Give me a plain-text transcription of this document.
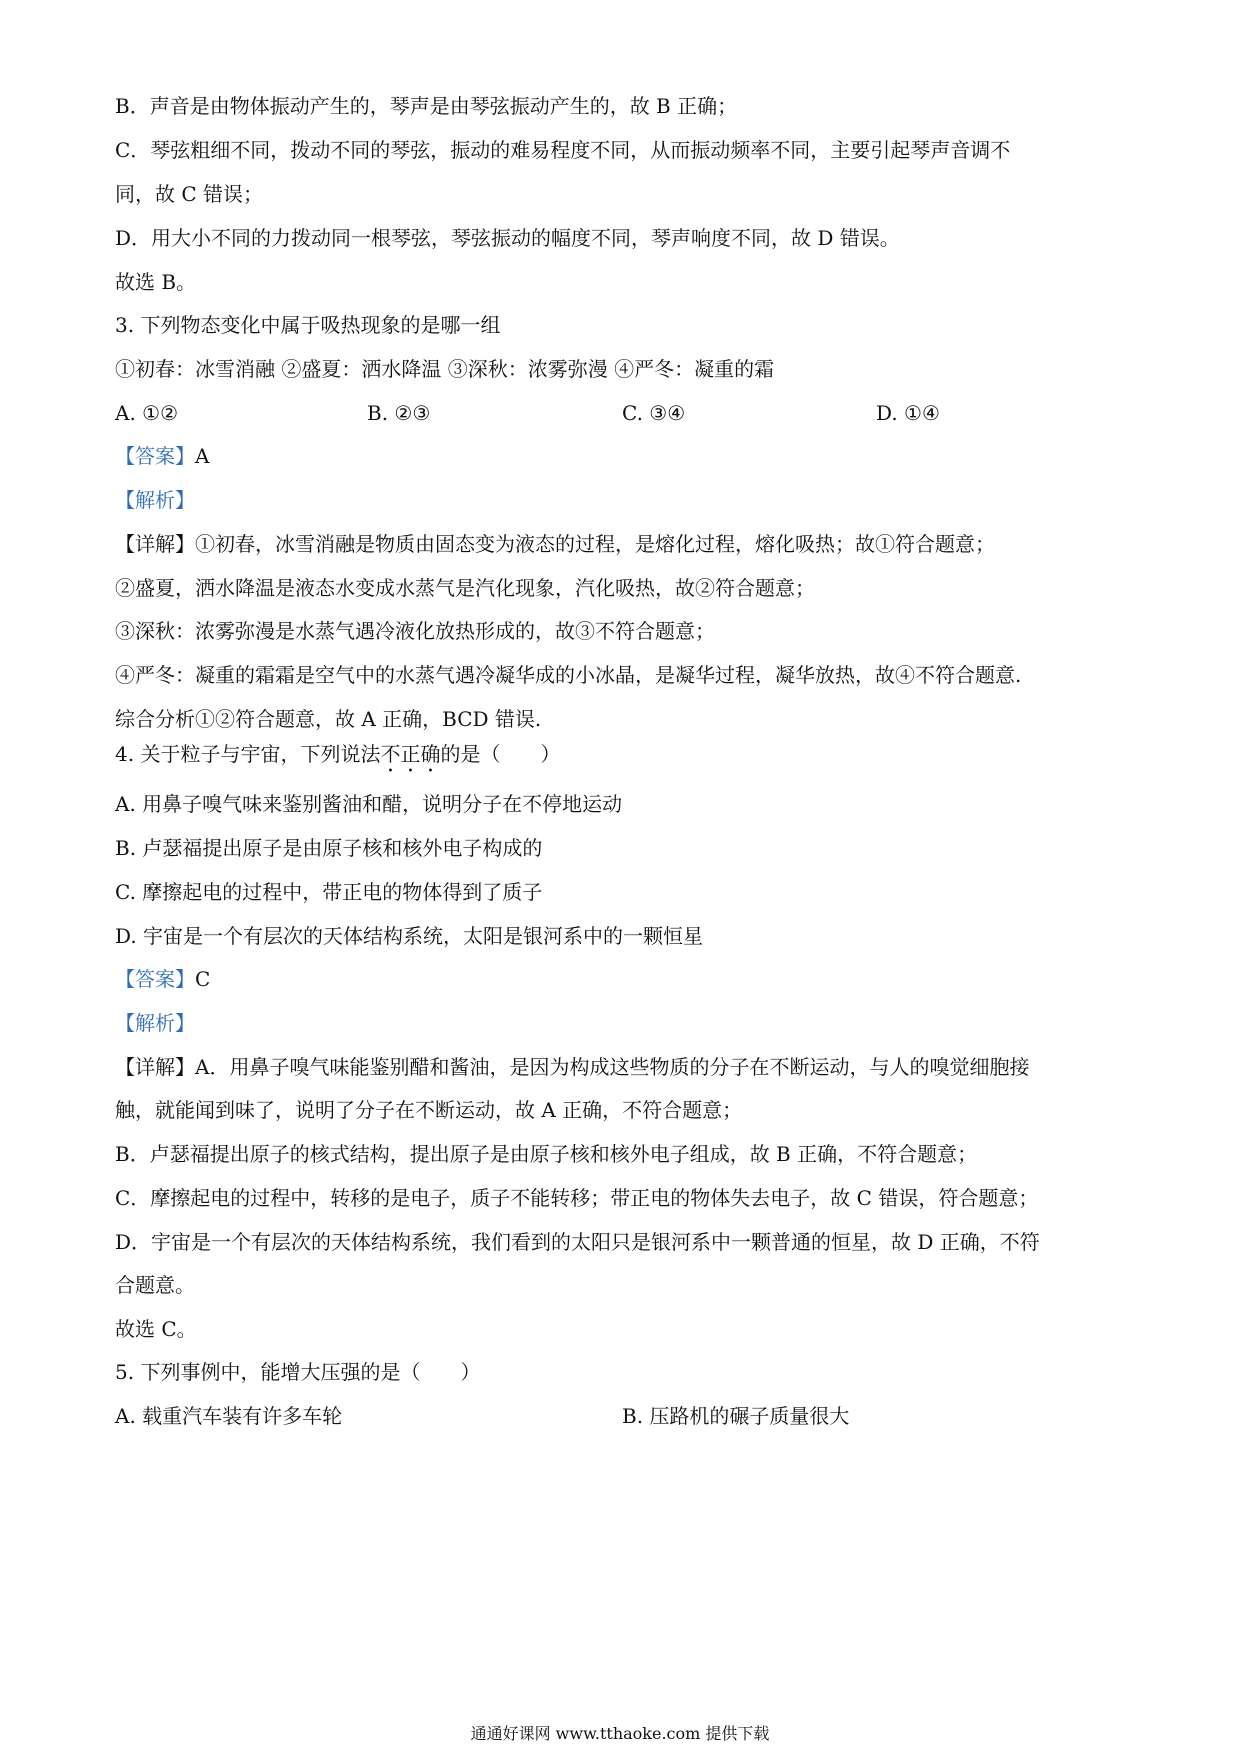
B．声音是由物体振动产生的，琴声是由琴弦振动产生的，故 B 正确；
C．琴弦粗细不同，拨动不同的琴弦，振动的难易程度不同，从而振动频率不同，主要引起琴声音调不
同，故 C 错误；
D．用大小不同的力拨动同一根琴弦，琴弦振动的幅度不同，琴声响度不同，故 D 错误。
故选 B。
3. 下列物态变化中属于吸热现象的是哪一组
①初春：冰雪消融 ②盛夏：洒水降温 ③深秋：浓雾弥漫 ④严冬：凝重的霜
A. ①②	B. ②③	C. ③④	D. ①④
【答案】A
【解析】
【详解】①初春，冰雪消融是物质由固态变为液态的过程，是熔化过程，熔化吸热；故①符合题意；
②盛夏，洒水降温是液态水变成水蒸气是汽化现象，汽化吸热，故②符合题意；
③深秋：浓雾弥漫是水蒸气遇冷液化放热形成的，故③不符合题意；
④严冬：凝重的霜霜是空气中的水蒸气遇冷凝华成的小冰晶，是凝华过程，凝华放热，故④不符合题意.
综合分析①②符合题意，故 A 正确，BCD 错误.
4. 关于粒子与宇宙，下列说法不正确的是（　　）
A. 用鼻子嗅气味来鉴别酱油和醋，说明分子在不停地运动
B. 卢瑟福提出原子是由原子核和核外电子构成的
C. 摩擦起电的过程中，带正电的物体得到了质子
D. 宇宙是一个有层次的天体结构系统，太阳是银河系中的一颗恒星
【答案】C
【解析】
【详解】A．用鼻子嗅气味能鉴别醋和酱油，是因为构成这些物质的分子在不断运动，与人的嗅觉细胞接
触，就能闻到味了，说明了分子在不断运动，故 A 正确，不符合题意；
B．卢瑟福提出原子的核式结构，提出原子是由原子核和核外电子组成，故 B 正确，不符合题意；
C．摩擦起电的过程中，转移的是电子，质子不能转移；带正电的物体失去电子，故 C 错误，符合题意；
D．宇宙是一个有层次的天体结构系统，我们看到的太阳只是银河系中一颗普通的恒星，故 D 正确，不符
合题意。
故选 C。
5. 下列事例中，能增大压强的是（　　）
A. 载重汽车装有许多车轮	B. 压路机的碾子质量很大
通通好课网 www.tthaoke.com 提供下载
